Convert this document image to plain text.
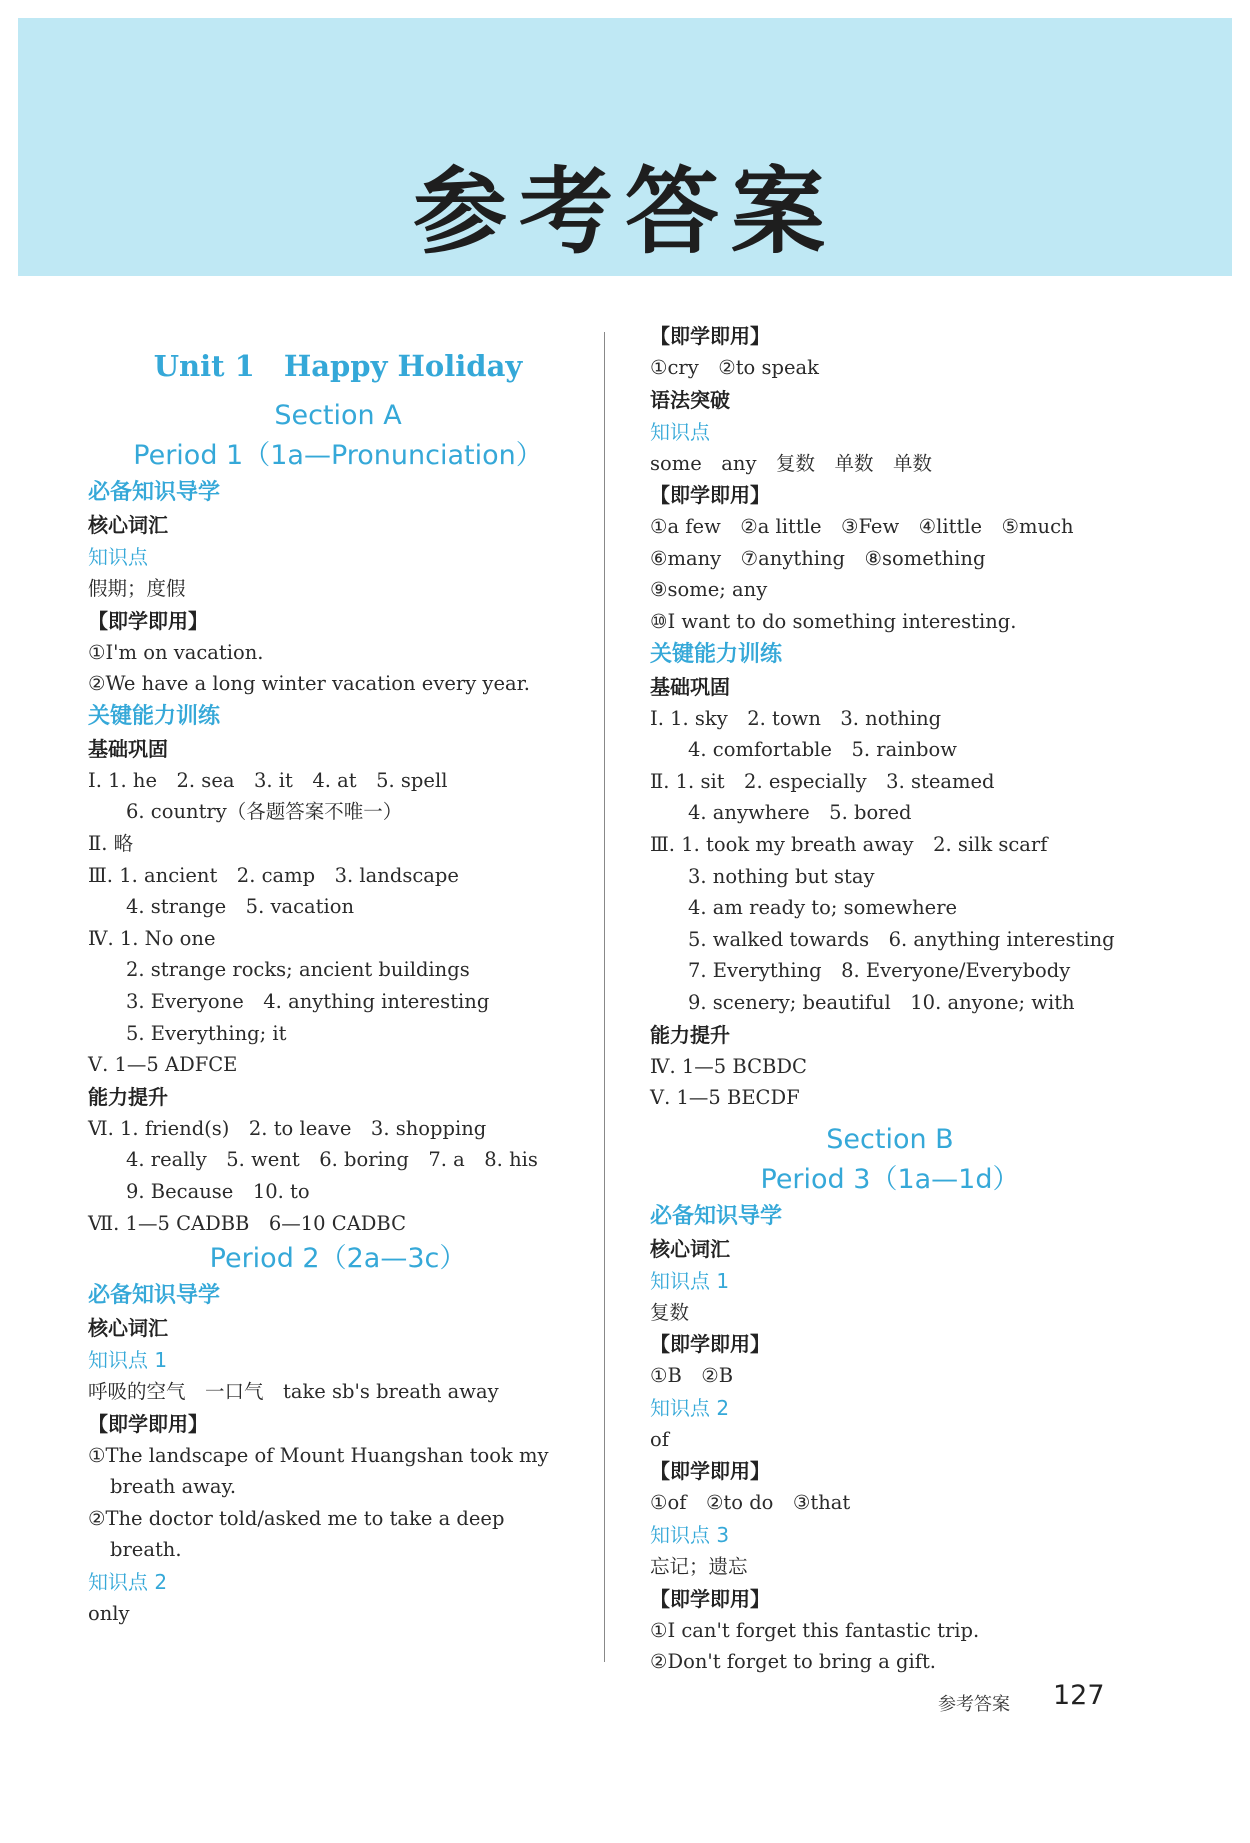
参考答案
Unit 1　Happy Holiday
Section A
Period 1（1a—Pronunciation）
必备知识导学
核心词汇
知识点
假期；度假
【即学即用】
①I'm on vacation.
②We have a long winter vacation every year.
关键能力训练
基础巩固
Ⅰ. 1. he　2. sea　3. it　4. at　5. spell
6. country（各题答案不唯一）
Ⅱ. 略
Ⅲ. 1. ancient　2. camp　3. landscape
4. strange　5. vacation
Ⅳ. 1. No one
2. strange rocks; ancient buildings
3. Everyone　4. anything interesting
5. Everything; it
Ⅴ. 1—5 ADFCE
能力提升
Ⅵ. 1. friend(s)　2. to leave　3. shopping
4. really　5. went　6. boring　7. a　8. his
9. Because　10. to
Ⅶ. 1—5 CADBB　6—10 CADBC
Period 2（2a—3c）
必备知识导学
核心词汇
知识点 1
呼吸的空气　一口气　take sb's breath away
【即学即用】
①The landscape of Mount Huangshan took my
breath away.
②The doctor told/asked me to take a deep
breath.
知识点 2
only
【即学即用】
①cry　②to speak
语法突破
知识点
some　any　复数　单数　单数
【即学即用】
①a few　②a little　③Few　④little　⑤much
⑥many　⑦anything　⑧something
⑨some; any
⑩I want to do something interesting.
关键能力训练
基础巩固
Ⅰ. 1. sky　2. town　3. nothing
4. comfortable　5. rainbow
Ⅱ. 1. sit　2. especially　3. steamed
4. anywhere　5. bored
Ⅲ. 1. took my breath away　2. silk scarf
3. nothing but stay
4. am ready to; somewhere
5. walked towards　6. anything interesting
7. Everything　8. Everyone/Everybody
9. scenery; beautiful　10. anyone; with
能力提升
Ⅳ. 1—5 BCBDC
Ⅴ. 1—5 BECDF
Section B
Period 3（1a—1d）
必备知识导学
核心词汇
知识点 1
复数
【即学即用】
①B　②B
知识点 2
of
【即学即用】
①of　②to do　③that
知识点 3
忘记；遗忘
【即学即用】
①I can't forget this fantastic trip.
②Don't forget to bring a gift.
参考答案 127
